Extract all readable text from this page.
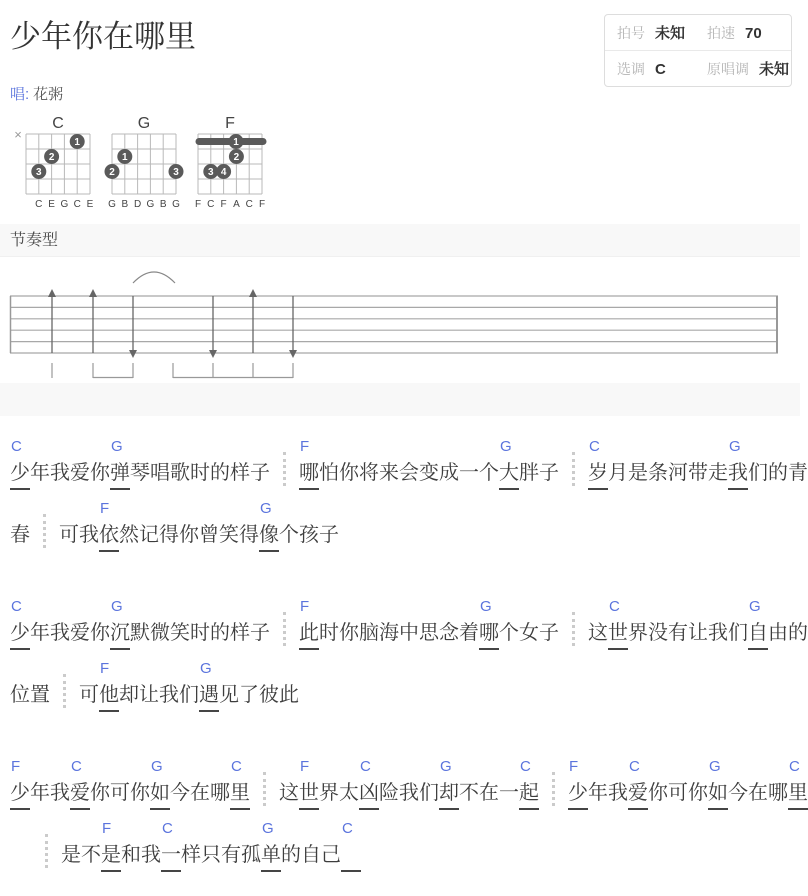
少年你在哪里	拍号 未知 拍速 70
选调 C	原唱调 未知
唱: 花粥
C
×
1
2
3
C E G C E
G
1
2	3
G B D G B G
F
1
2
3 4
F C F A C F
节奏型
C
少 年 我 爱 你
G
弹 琴 唱 歌 时 的 样 子
F
哪 怕 你 将 来 会 变 成 一 个
G
大 胖 子
C
岁 月 是 条 河 带 走
G
我 们 的 青
春 可 我
F
依 然 记 得 你 曾 笑 得
G
像 个 孩 子
C
少 年 我 爱 你
G
沉 默 微 笑 时 的 样 子
F
此 时 你 脑 海 中 思 念 着
G
哪 个 女 子 这
C
世 界 没 有 让 我 们
G
自 由 的
位 置 可
F
他 却 让 我 们
G
遇 见 了 彼 此
F
少 年 我
C
爱 你 可 你
G
如 今 在 哪
C
里 这
F
世 界 太
C
凶 险 我 们
G
却 不 在 一
C
起
F
少 年 我
C
爱 你 可 你
G
如 今 在 哪
C
里
是 不
F
是 和 我
C
一 样 只 有 孤
G
单 的 自 己
C
